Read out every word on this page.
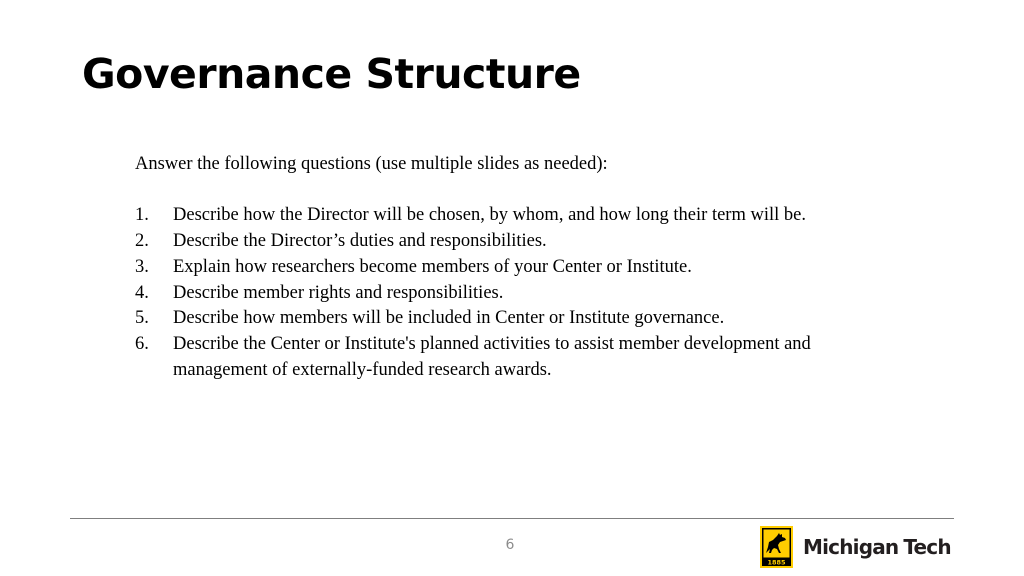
Governance Structure

Answer the following questions (use multiple slides as needed):

1.	Describe how the Director will be chosen, by whom, and how long their term will be.
2.	Describe the Director’s duties and responsibilities.
3.	Explain how researchers become members of your Center or Institute.
4.	Describe member rights and responsibilities.
5.	Describe how members will be included in Center or Institute governance.
6.	Describe the Center or Institute's planned activities to assist member development and management of externally-funded research awards.
6
1885
Michigan Tech
